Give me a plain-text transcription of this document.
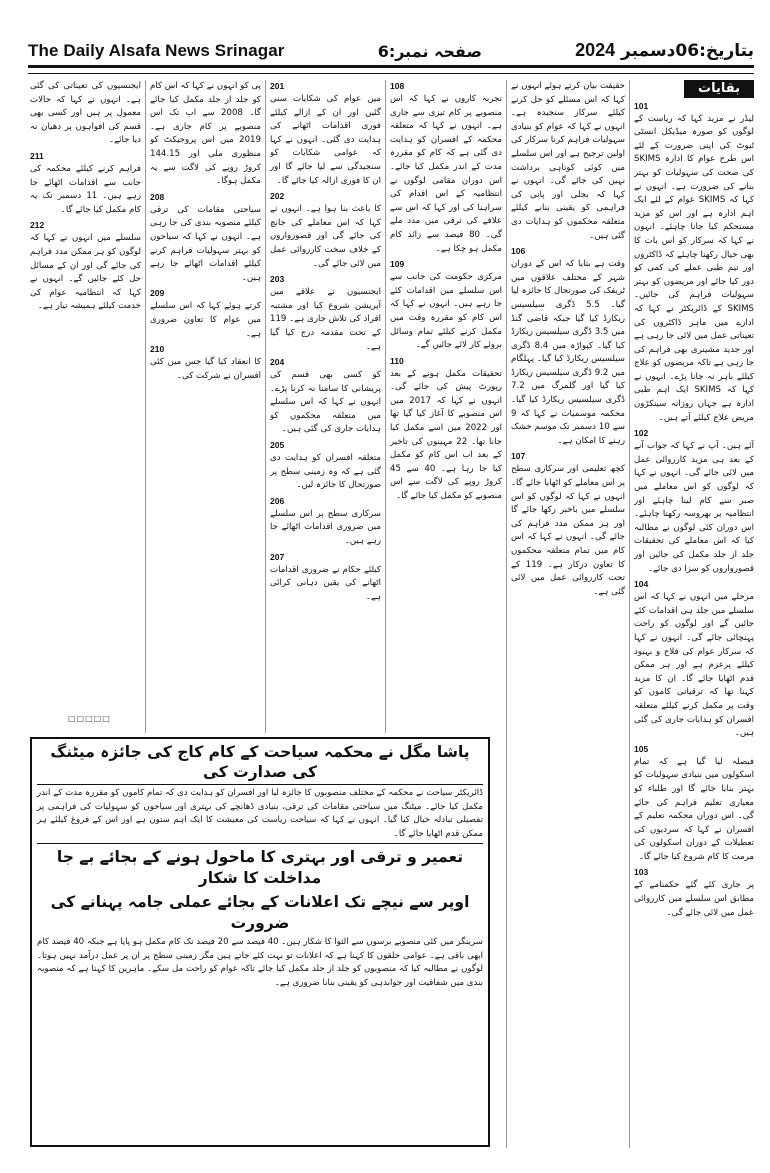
The Daily Alsafa News Srinagar	صفحہ نمبر:6	بتاریخ:06دسمبر 2024
بقایات
101

لیڈر نے مزید کہا کہ ریاست کے لوگوں کو صورہ میڈیکل انسٹی ٹیوٹ کی اپنی ضرورت کے لئے اس طرح عوام کا ادارہ SKIMS کی صحت کی سہولیات کو بہتر بنانے کی ضرورت ہے۔ انہوں نے کہا کہ SKIMS عوام کے لئے ایک اہم ادارہ ہے اور اس کو مزید مستحکم کیا جانا چاہئے۔ انہوں نے کہا کہ سرکار کو اس بات کا بھی خیال رکھنا چاہئے کہ ڈاکٹروں اور نیم طبی عملے کی کمی کو دور کیا جائے اور مریضوں کو بہتر سہولیات فراہم کی جائیں۔ SKIMS کے ڈائریکٹر نے کہا کہ ادارے میں ماہر ڈاکٹروں کی تعیناتی عمل میں لائی جا رہی ہے اور جدید مشینری بھی فراہم کی جا رہی ہے تاکہ مریضوں کو علاج کیلئے باہر نہ جانا پڑے۔ انہوں نے کہا کہ SKIMS ایک اہم طبی ادارہ ہے جہاں روزانہ سینکڑوں مریض علاج کیلئے آتے ہیں۔

102

آئے ہیں۔ آپ نے کہا کہ جواب آنے کے بعد ہی مزید کارروائی عمل میں لائی جائے گی۔ انہوں نے کہا کہ لوگوں کو اس معاملے میں صبر سے کام لینا چاہئے اور انتظامیہ پر بھروسہ رکھنا چاہئے۔ اس دوران کئی لوگوں نے مطالبہ کیا کہ اس معاملے کی تحقیقات جلد از جلد مکمل کی جائیں اور قصورواروں کو سزا دی جائے۔

104

مرحلے میں انہوں نے کہا کہ اس سلسلے میں جلد ہی اقدامات کئے جائیں گے اور لوگوں کو راحت پہنچائی جائے گی۔ انہوں نے کہا کہ سرکار عوام کی فلاح و بہبود کیلئے پرعزم ہے اور ہر ممکن قدم اٹھایا جائے گا۔ ان کا مزید کہنا تھا کہ ترقیاتی کاموں کو وقت پر مکمل کرنے کیلئے متعلقہ افسران کو ہدایات جاری کی گئی ہیں۔

105

فیصلہ لیا گیا ہے کہ تمام اسکولوں میں بنیادی سہولیات کو بہتر بنایا جائے گا اور طلباء کو معیاری تعلیم فراہم کی جائے گی۔ اس دوران محکمہ تعلیم کے افسران نے کہا کہ سردیوں کی تعطیلات کے دوران اسکولوں کی مرمت کا کام شروع کیا جائے گا۔

103

پر جاری کئے گئے حکمنامے کے مطابق اس سلسلے میں کارروائی عمل میں لائی جائے گی۔

حقیقت بیان کرتے ہوئے انہوں نے کہا کہ اس مسئلے کو حل کرنے کیلئے سرکار سنجیدہ ہے۔ انہوں نے کہا کہ عوام کو بنیادی سہولیات فراہم کرنا سرکار کی اولین ترجیح ہے اور اس سلسلے میں کوئی کوتاہی برداشت نہیں کی جائے گی۔ انہوں نے کہا کہ بجلی اور پانی کی فراہمی کو یقینی بنانے کیلئے متعلقہ محکموں کو ہدایات دی گئی ہیں۔

106

وقت ہے بتایا کہ اس کے دوران شہر کے مختلف علاقوں میں ٹریفک کی صورتحال کا جائزہ لیا گیا۔ 5.5 ڈگری سیلسیس ریکارڈ کیا گیا جبکہ قاضی گنڈ میں 3.5 ڈگری سیلسیس ریکارڈ کیا گیا۔ کپواڑہ میں 8.4 ڈگری سیلسیس ریکارڈ کیا گیا۔ پہلگام میں 9.2 ڈگری سیلسیس ریکارڈ کیا گیا اور گلمرگ میں 7.2 ڈگری سیلسیس ریکارڈ کیا گیا۔ محکمہ موسمیات نے کہا کہ 9 سے 10 دسمبر تک موسم خشک رہنے کا امکان ہے۔

107

کچھ تعلیمی اور سرکاری سطح پر اس معاملے کو اٹھایا جائے گا۔ انہوں نے کہا کہ لوگوں کو اس سلسلے میں باخبر رکھا جائے گا اور ہر ممکن مدد فراہم کی جائے گی۔ انہوں نے کہا کہ اس کام میں تمام متعلقہ محکموں کا تعاون درکار ہے۔ 119 کے تحت کارروائی عمل میں لائی گئی ہے۔

108

تجربہ کاروں نے کہا کہ اس منصوبے پر کام تیزی سے جاری ہے۔ انہوں نے کہا کہ متعلقہ محکمہ کے افسران کو ہدایت دی گئی ہے کہ کام کو مقررہ مدت کے اندر مکمل کیا جائے۔ اس دوران مقامی لوگوں نے انتظامیہ کے اس اقدام کی سراہنا کی اور کہا کہ اس سے علاقے کی ترقی میں مدد ملے گی۔ 80 فیصد سے زائد کام مکمل ہو چکا ہے۔

109

مرکزی حکومت کی جانب سے اس سلسلے میں اقدامات کئے جا رہے ہیں۔ انہوں نے کہا کہ اس کام کو مقررہ وقت میں مکمل کرنے کیلئے تمام وسائل بروئے کار لائے جائیں گے۔

110

تحقیقات مکمل ہونے کے بعد رپورٹ پیش کی جائے گی۔ انہوں نے کہا کہ 2017 میں اس منصوبے کا آغاز کیا گیا تھا اور 2022 میں اسے مکمل کیا جانا تھا۔ 22 مہینوں کی تاخیر کے بعد اب اس کام کو مکمل کیا جا رہا ہے۔ 40 سے 45 کروڑ روپے کی لاگت سے اس منصوبے کو مکمل کیا جائے گا۔

201

میں عوام کی شکایات سنی گئیں اور ان کے ازالے کیلئے فوری اقدامات اٹھانے کی ہدایت دی گئی۔ انہوں نے کہا کہ عوامی شکایات کو سنجیدگی سے لیا جائے گا اور ان کا فوری ازالہ کیا جائے گا۔

202

کا باعث بنا ہوا ہے۔ انہوں نے کہا کہ اس معاملے کی جانچ کی جائے گی اور قصورواروں کے خلاف سخت کارروائی عمل میں لائی جائے گی۔

203

ایجنسیوں نے علاقے میں آپریشن شروع کیا اور مشتبہ افراد کی تلاش جاری ہے۔ 119 کے تحت مقدمہ درج کیا گیا ہے۔

204

کو کسی بھی قسم کی پریشانی کا سامنا نہ کرنا پڑے۔ انہوں نے کہا کہ اس سلسلے میں متعلقہ محکموں کو ہدایات جاری کی گئی ہیں۔

205

متعلقہ افسران کو ہدایت دی گئی ہے کہ وہ زمینی سطح پر صورتحال کا جائزہ لیں۔

206

سرکاری سطح پر اس سلسلے میں ضروری اقدامات اٹھائے جا رہے ہیں۔

207

کیلئے حکام نے ضروری اقدامات اٹھانے کی یقین دہانی کرائی ہے۔

پی کو انہوں نے کہا کہ اس کام کو جلد از جلد مکمل کیا جائے گا۔ 2008 سے اب تک اس منصوبے پر کام جاری ہے۔ 2019 میں اس پروجیکٹ کو منظوری ملی اور 144.15 کروڑ روپے کی لاگت سے یہ مکمل ہوگا۔

208

سیاحتی مقامات کی ترقی کیلئے منصوبہ بندی کی جا رہی ہے۔ انہوں نے کہا کہ سیاحوں کو بہتر سہولیات فراہم کرنے کیلئے اقدامات اٹھائے جا رہے ہیں۔

209

کرتے ہوئے کہا کہ اس سلسلے میں عوام کا تعاون ضروری ہے۔

210

کا انعقاد کیا گیا جس میں کئی افسران نے شرکت کی۔

ایجنسیوں کی تعیناتی کی گئی ہے۔ انہوں نے کہا کہ حالات معمول پر ہیں اور کسی بھی قسم کی افواہوں پر دھیان نہ دیا جائے۔

211

فراہم کرنے کیلئے محکمہ کی جانب سے اقدامات اٹھائے جا رہے ہیں۔ 11 دسمبر تک یہ کام مکمل کیا جائے گا۔

212

سلسلے میں انہوں نے کہا کہ لوگوں کو ہر ممکن مدد فراہم کی جائے گی اور ان کے مسائل حل کئے جائیں گے۔ انہوں نے کہا کہ انتظامیہ عوام کی خدمت کیلئے ہمیشہ تیار ہے۔

□□□□□
پاشا مگل نے محکمہ سیاحت کے کام کاج کی جائزہ میٹنگ کی صدارت کی
ڈائریکٹر سیاحت نے محکمہ کے مختلف منصوبوں کا جائزہ لیا اور افسران کو ہدایت دی کہ تمام کاموں کو مقررہ مدت کے اندر مکمل کیا جائے۔ میٹنگ میں سیاحتی مقامات کی ترقی، بنیادی ڈھانچے کی بہتری اور سیاحوں کو سہولیات کی فراہمی پر تفصیلی تبادلہ خیال کیا گیا۔ انہوں نے کہا کہ سیاحت ریاست کی معیشت کا ایک اہم ستون ہے اور اس کے فروغ کیلئے ہر ممکن قدم اٹھایا جائے گا۔
تعمیر و ترقی اور بہتری کا ماحول ہونے کے بجائے بے جا مداخلت کا شکار
اوپر سے نیچے تک اعلانات کے بجائے عملی جامہ پہنانے کی ضرورت
سرینگر میں کئی منصوبے برسوں سے التوا کا شکار ہیں۔ 40 فیصد سے 20 فیصد تک کام مکمل ہو پایا ہے جبکہ 40 فیصد کام ابھی باقی ہے۔ عوامی حلقوں کا کہنا ہے کہ اعلانات تو بہت کئے جاتے ہیں مگر زمینی سطح پر ان پر عمل درآمد نہیں ہوتا۔ لوگوں نے مطالبہ کیا کہ منصوبوں کو جلد از جلد مکمل کیا جائے تاکہ عوام کو راحت مل سکے۔ ماہرین کا کہنا ہے کہ منصوبہ بندی میں شفافیت اور جوابدہی کو یقینی بنانا ضروری ہے۔
